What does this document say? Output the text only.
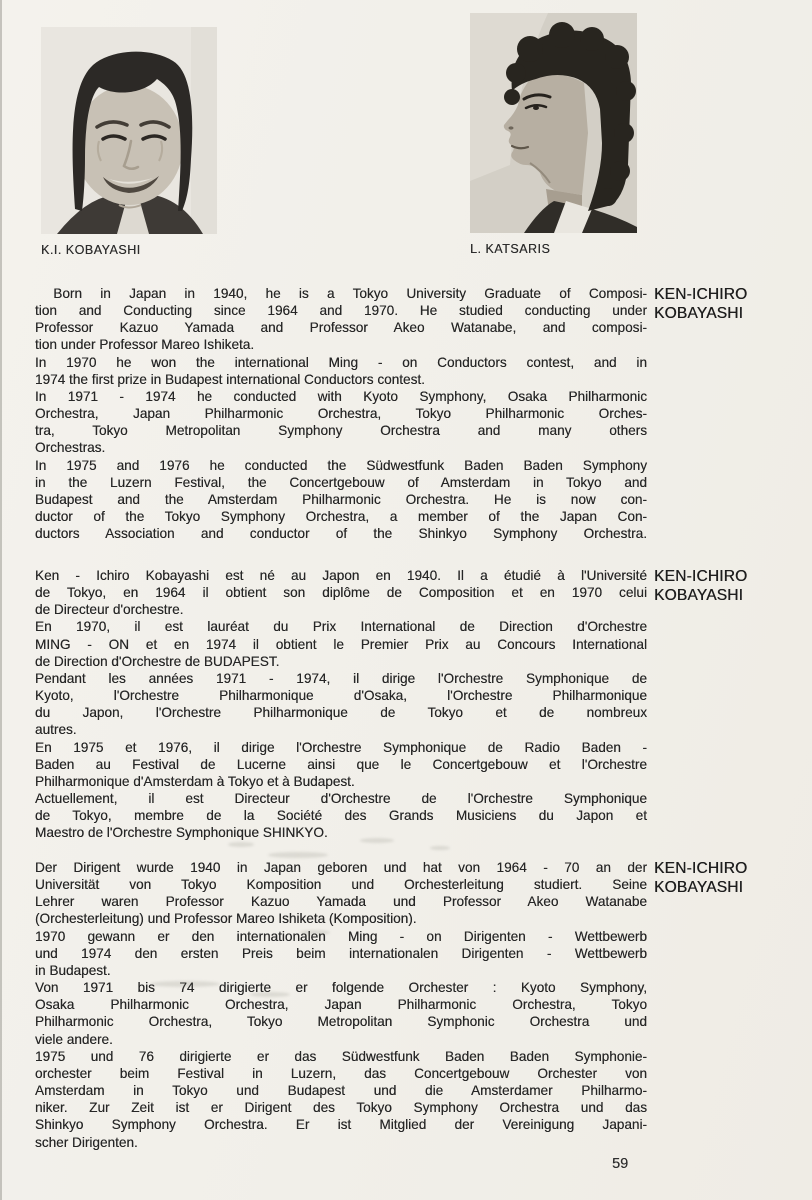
K.I. KOBAYASHI	L. KATSARIS
Born in Japan in 1940, he is a Tokyo University Graduate of Composi-
tion and Conducting since 1964 and 1970. He studied conducting under
Professor Kazuo Yamada and Professor Akeo Watanabe, and composi-
tion under Professor Mareo Ishiketa.
In 1970 he won the international Ming - on Conductors contest, and in
1974 the first prize in Budapest international Conductors contest.
In 1971 - 1974 he conducted with Kyoto Symphony, Osaka Philharmonic
Orchestra, Japan Philharmonic Orchestra, Tokyo Philharmonic Orches-
tra, Tokyo Metropolitan Symphony Orchestra and many others
Orchestras.
In 1975 and 1976 he conducted the Südwestfunk Baden Baden Symphony
in the Luzern Festival, the Concertgebouw of Amsterdam in Tokyo and
Budapest and the Amsterdam Philharmonic Orchestra. He is now con-
ductor of the Tokyo Symphony Orchestra, a member of the Japan Con-
ductors Association and conductor of the Shinkyo Symphony Orchestra.
KEN-ICHIRO
KOBAYASHI
Ken - Ichiro Kobayashi est né au Japon en 1940. Il a étudié à l'Université
de Tokyo, en 1964 il obtient son diplôme de Composition et en 1970 celui
de Directeur d'orchestre.
En 1970, il est lauréat du Prix International de Direction d'Orchestre
MING - ON et en 1974 il obtient le Premier Prix au Concours International
de Direction d'Orchestre de BUDAPEST.
Pendant les années 1971 - 1974, il dirige l'Orchestre Symphonique de
Kyoto, l'Orchestre Philharmonique d'Osaka, l'Orchestre Philharmonique
du Japon, l'Orchestre Philharmonique de Tokyo et de nombreux
autres.
En 1975 et 1976, il dirige l'Orchestre Symphonique de Radio Baden -
Baden au Festival de Lucerne ainsi que le Concertgebouw et l'Orchestre
Philharmonique d'Amsterdam à Tokyo et à Budapest.
Actuellement, il est Directeur d'Orchestre de l'Orchestre Symphonique
de Tokyo, membre de la Société des Grands Musiciens du Japon et
Maestro de l'Orchestre Symphonique SHINKYO.
KEN-ICHIRO
KOBAYASHI
Der Dirigent wurde 1940 in Japan geboren und hat von 1964 - 70 an der
Universität von Tokyo Komposition und Orchesterleitung studiert. Seine
Lehrer waren Professor Kazuo Yamada und Professor Akeo Watanabe
(Orchesterleitung) und Professor Mareo Ishiketa (Komposition).
1970 gewann er den internationalen Ming - on Dirigenten - Wettbewerb
und 1974 den ersten Preis beim internationalen Dirigenten - Wettbewerb
in Budapest.
Von 1971 bis 74 dirigierte er folgende Orchester : Kyoto Symphony,
Osaka Philharmonic Orchestra, Japan Philharmonic Orchestra, Tokyo
Philharmonic Orchestra, Tokyo Metropolitan Symphonic Orchestra und
viele andere.
1975 und 76 dirigierte er das Südwestfunk Baden Baden Symphonie-
orchester beim Festival in Luzern, das Concertgebouw Orchester von
Amsterdam in Tokyo und Budapest und die Amsterdamer Philharmo-
niker. Zur Zeit ist er Dirigent des Tokyo Symphony Orchestra und das
Shinkyo Symphony Orchestra. Er ist Mitglied der Vereinigung Japani-
scher Dirigenten.
KEN-ICHIRO
KOBAYASHI
59
